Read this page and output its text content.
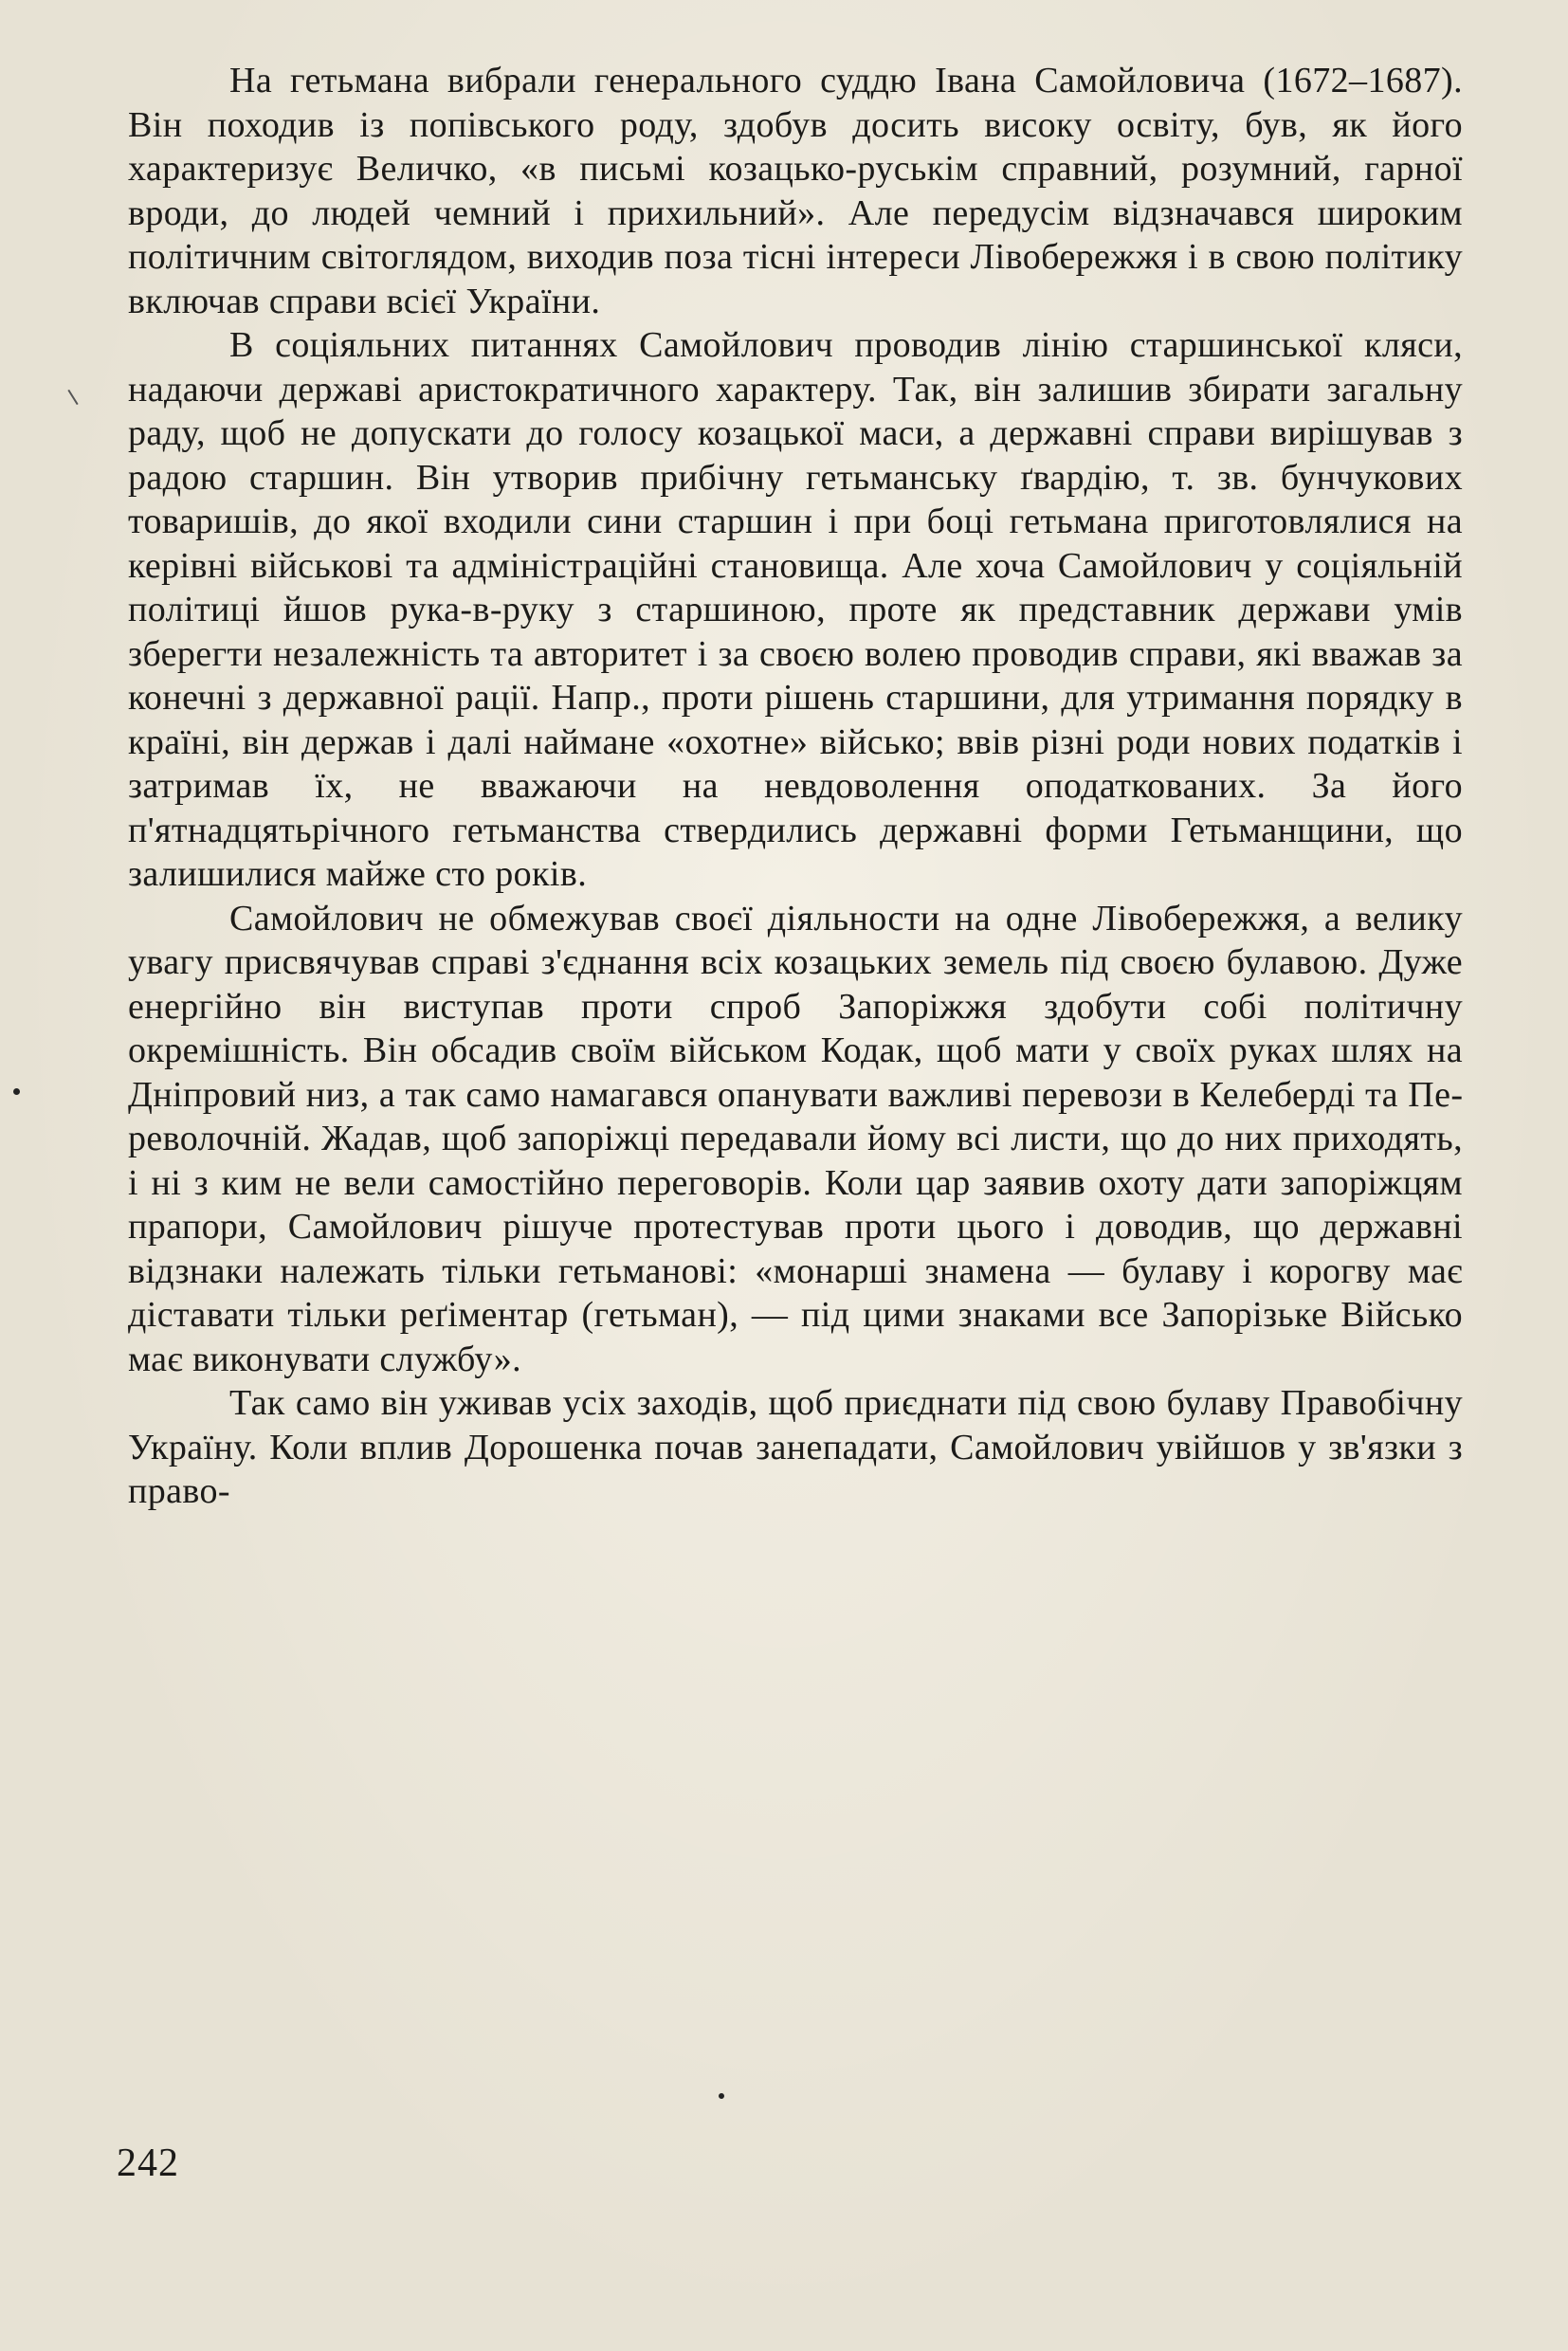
На гетьмана вибрали генерального суддю Івана Самойловича (1672–1687). Він походив із попівського роду, здобув досить високу освіту, був, як його характеризує Величко, «в письмі козацько-руськім справний, розумний, гарної вроди, до людей чемний і прихильний». Але передусім відзначався широким політичним світоглядом, виходив поза тісні інтереси Лівобережжя і в свою політику включав справи всієї України.

В соціяльних питаннях Самойлович проводив лінію старшинської кляси, надаючи державі аристократичного характеру. Так, він залишив збирати загальну раду, щоб не допускати до голосу козацької маси, а державні справи вирішував з радою старшин. Він утворив прибічну гетьманську ґвардію, т. зв. бунчукових товаришів, до якої входили сини старшин і при боці гетьмана приготовлялися на керівні військові та адміністраційні становища. Але хоча Самойлович у соціяльній політиці йшов рука-в-руку з старшиною, проте як представник держави умів зберегти незалежність та авторитет і за своєю волею проводив справи, які вважав за конечні з державної рації. Напр., проти рішень старшини, для утримання порядку в країні, він держав і далі наймане «охотне» військо; ввів різні роди нових податків і затримав їх, не вважаючи на невдоволення оподаткованих. За його п'ятнадцятьрічного гетьманства ствердились державні форми Гетьманщини, що залишилися майже сто років.

Самойлович не обмежував своєї діяльности на одне Лівобережжя, а велику увагу присвячував справі з'єднання всіх козацьких земель під своєю булавою. Дуже енергійно він виступав проти спроб Запоріжжя здобути собі політичну окремішність. Він обсадив своїм військом Кодак, щоб мати у своїх руках шлях на Дніпровий низ, а так само намагався опанувати важливі перевози в Келеберді та Переволочній. Жадав, щоб запоріжці передавали йому всі листи, що до них приходять, і ні з ким не вели самостійно переговорів. Коли цар заявив охоту дати запоріжцям прапори, Самойлович рішуче протестував проти цього і доводив, що державні відзнаки належать тільки гетьманові: «монарші знамена — булаву і корогву має діставати тільки реґіментар (гетьман), — під цими знаками все Запорізьке Військо має виконувати службу».

Так само він уживав усіх заходів, щоб приєднати під свою булаву Правобічну Україну. Коли вплив Дорошенка почав занепадати, Самойлович увійшов у зв'язки з право-

242
